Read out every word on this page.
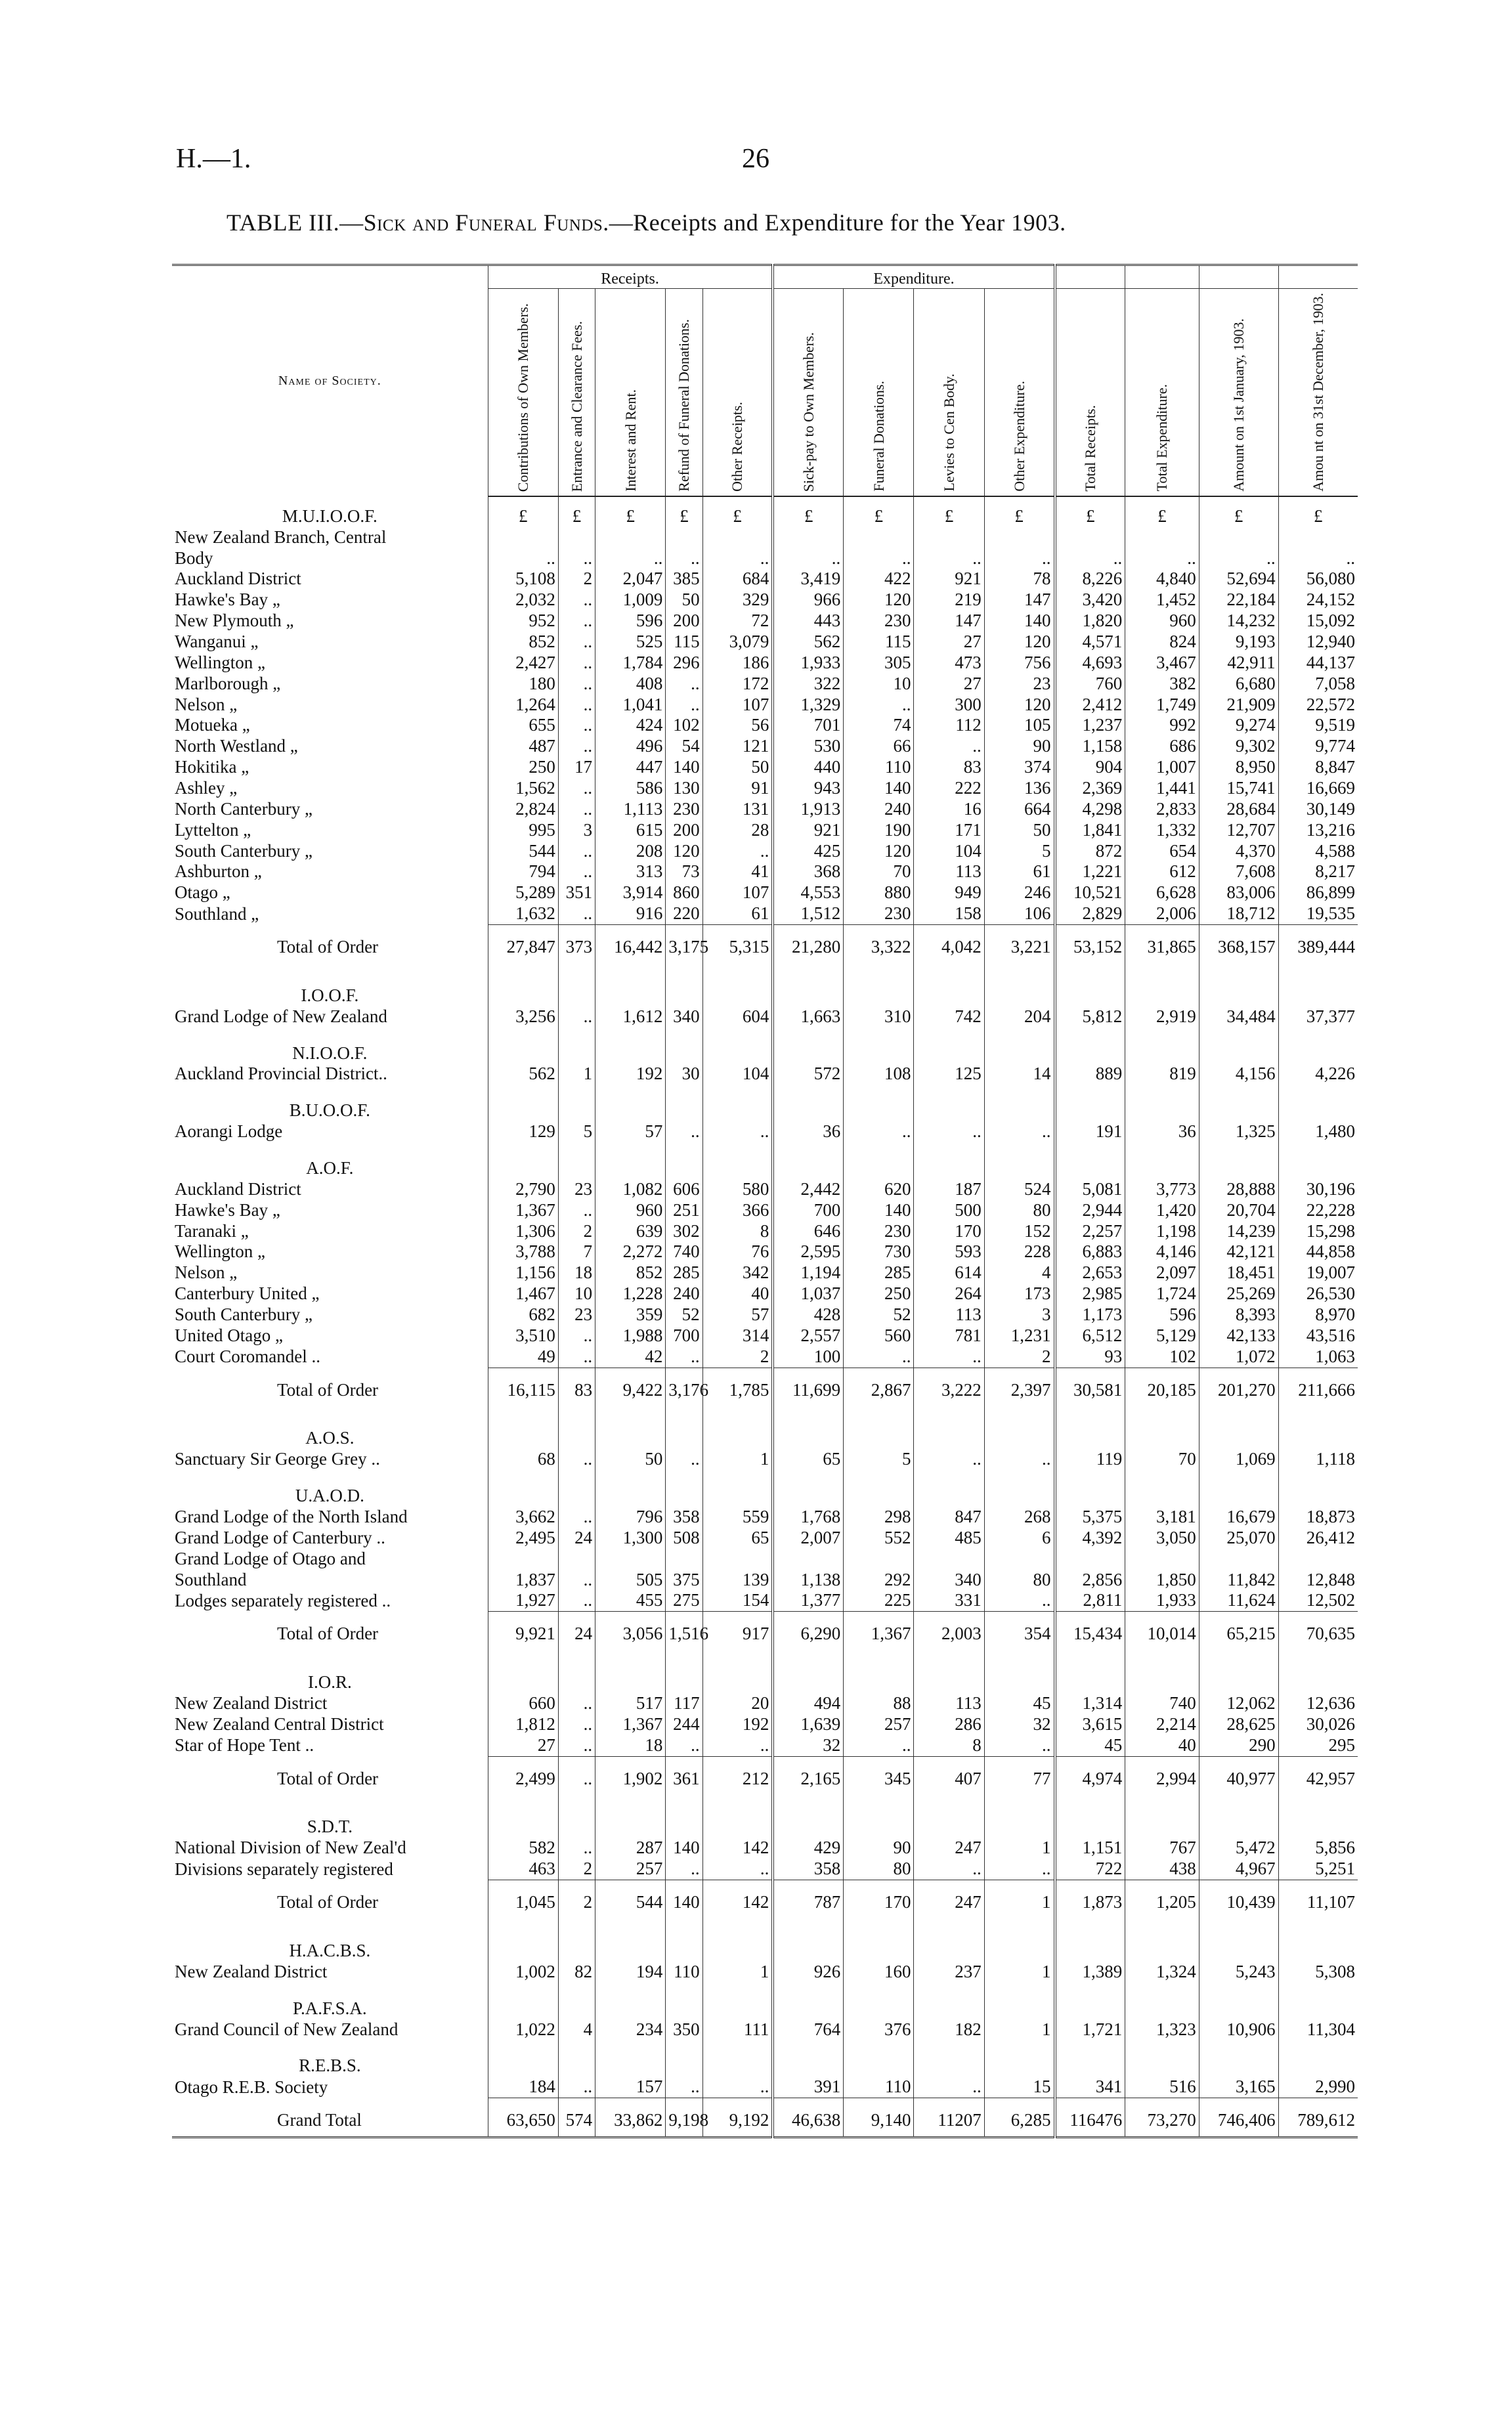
H.—1.	26
TABLE III.—Sick and Funeral Funds.—Receipts and Expenditure for the Year 1903.
Name of Society.	Receipts.					Expenditure.							

	Contributions of Own Members.	Entrance and Clearance Fees.	Interest and Rent.	Refund of Funeral Donations.	Other Receipts.	Sick-pay to Own Members.	Funeral Donations.	Levies to Cen Body.	Other Expenditure.	Total Receipts.	Total Expenditure.	Amount on 1st January, 1903.	Amou nt on 31st December, 1903.

M.U.I.O.O.F.	£	£	£	£	£	£	£	£	£	£	£	£	£
New Zealand Branch, Central
Body	..	..	..	..	..	..	..	..	..	..	..	..	..
Auckland District	5,108	2	2,047	385	684	3,419	422	921	78	8,226	4,840	52,694	56,080
Hawke's Bay „	2,032	..	1,009	50	329	966	120	219	147	3,420	1,452	22,184	24,152
New Plymouth „	952	..	596	200	72	443	230	147	140	1,820	960	14,232	15,092
Wanganui „	852	..	525	115	3,079	562	115	27	120	4,571	824	9,193	12,940
Wellington „	2,427	..	1,784	296	186	1,933	305	473	756	4,693	3,467	42,911	44,137
Marlborough „	180	..	408	..	172	322	10	27	23	760	382	6,680	7,058
Nelson „	1,264	..	1,041	..	107	1,329	..	300	120	2,412	1,749	21,909	22,572
Motueka „	655	..	424	102	56	701	74	112	105	1,237	992	9,274	9,519
North Westland „	487	..	496	54	121	530	66	..	90	1,158	686	9,302	9,774
Hokitika „	250	17	447	140	50	440	110	83	374	904	1,007	8,950	8,847
Ashley „	1,562	..	586	130	91	943	140	222	136	2,369	1,441	15,741	16,669
North Canterbury „	2,824	..	1,113	230	131	1,913	240	16	664	4,298	2,833	28,684	30,149
Lyttelton „	995	3	615	200	28	921	190	171	50	1,841	1,332	12,707	13,216
South Canterbury „	544	..	208	120	..	425	120	104	5	872	654	4,370	4,588
Ashburton „	794	..	313	73	41	368	70	113	61	1,221	612	7,608	8,217
Otago „	5,289	351	3,914	860	107	4,553	880	949	246	10,521	6,628	83,006	86,899
Southland „	1,632	..	916	220	61	1,512	230	158	106	2,829	2,006	18,712	19,535
Total of Order	27,847	373	16,442	3,175	5,315	21,280	3,322	4,042	3,221	53,152	31,865	368,157	389,444
I.O.O.F.													
Grand Lodge of New Zealand	3,256	..	1,612	340	604	1,663	310	742	204	5,812	2,919	34,484	37,377
N.I.O.O.F.													
Auckland Provincial District..	562	1	192	30	104	572	108	125	14	889	819	4,156	4,226
B.U.O.O.F.													
Aorangi Lodge	129	5	57	..	..	36	..	..	..	191	36	1,325	1,480
A.O.F.													
Auckland District	2,790	23	1,082	606	580	2,442	620	187	524	5,081	3,773	28,888	30,196
Hawke's Bay „	1,367	..	960	251	366	700	140	500	80	2,944	1,420	20,704	22,228
Taranaki „	1,306	2	639	302	8	646	230	170	152	2,257	1,198	14,239	15,298
Wellington „	3,788	7	2,272	740	76	2,595	730	593	228	6,883	4,146	42,121	44,858
Nelson „	1,156	18	852	285	342	1,194	285	614	4	2,653	2,097	18,451	19,007
Canterbury United „	1,467	10	1,228	240	40	1,037	250	264	173	2,985	1,724	25,269	26,530
South Canterbury „	682	23	359	52	57	428	52	113	3	1,173	596	8,393	8,970
United Otago „	3,510	..	1,988	700	314	2,557	560	781	1,231	6,512	5,129	42,133	43,516
Court Coromandel ..	49	..	42	..	2	100	..	..	2	93	102	1,072	1,063
Total of Order	16,115	83	9,422	3,176	1,785	11,699	2,867	3,222	2,397	30,581	20,185	201,270	211,666
A.O.S.													
Sanctuary Sir George Grey ..	68	..	50	..	1	65	5	..	..	119	70	1,069	1,118
U.A.O.D.													
Grand Lodge of the North Island	3,662	..	796	358	559	1,768	298	847	268	5,375	3,181	16,679	18,873
Grand Lodge of Canterbury ..	2,495	24	1,300	508	65	2,007	552	485	6	4,392	3,050	25,070	26,412
Grand Lodge of Otago and
Southland	1,837	..	505	375	139	1,138	292	340	80	2,856	1,850	11,842	12,848
Lodges separately registered ..	1,927	..	455	275	154	1,377	225	331	..	2,811	1,933	11,624	12,502
Total of Order	9,921	24	3,056	1,516	917	6,290	1,367	2,003	354	15,434	10,014	65,215	70,635
I.O.R.													
New Zealand District	660	..	517	117	20	494	88	113	45	1,314	740	12,062	12,636
New Zealand Central District	1,812	..	1,367	244	192	1,639	257	286	32	3,615	2,214	28,625	30,026
Star of Hope Tent ..	27	..	18	..	..	32	..	8	..	45	40	290	295
Total of Order	2,499	..	1,902	361	212	2,165	345	407	77	4,974	2,994	40,977	42,957
S.D.T.													
National Division of New Zeal'd	582	..	287	140	142	429	90	247	1	1,151	767	5,472	5,856
Divisions separately registered	463	2	257	..	..	358	80	..	..	722	438	4,967	5,251
Total of Order	1,045	2	544	140	142	787	170	247	1	1,873	1,205	10,439	11,107
H.A.C.B.S.													
New Zealand District	1,002	82	194	110	1	926	160	237	1	1,389	1,324	5,243	5,308
P.A.F.S.A.													
Grand Council of New Zealand	1,022	4	234	350	111	764	376	182	1	1,721	1,323	10,906	11,304
R.E.B.S.													
Otago R.E.B. Society	184	..	157	..	..	391	110	..	15	341	516	3,165	2,990
Grand Total	63,650	574	33,862	9,198	9,192	46,638	9,140	11207	6,285	116476	73,270	746,406	789,612
